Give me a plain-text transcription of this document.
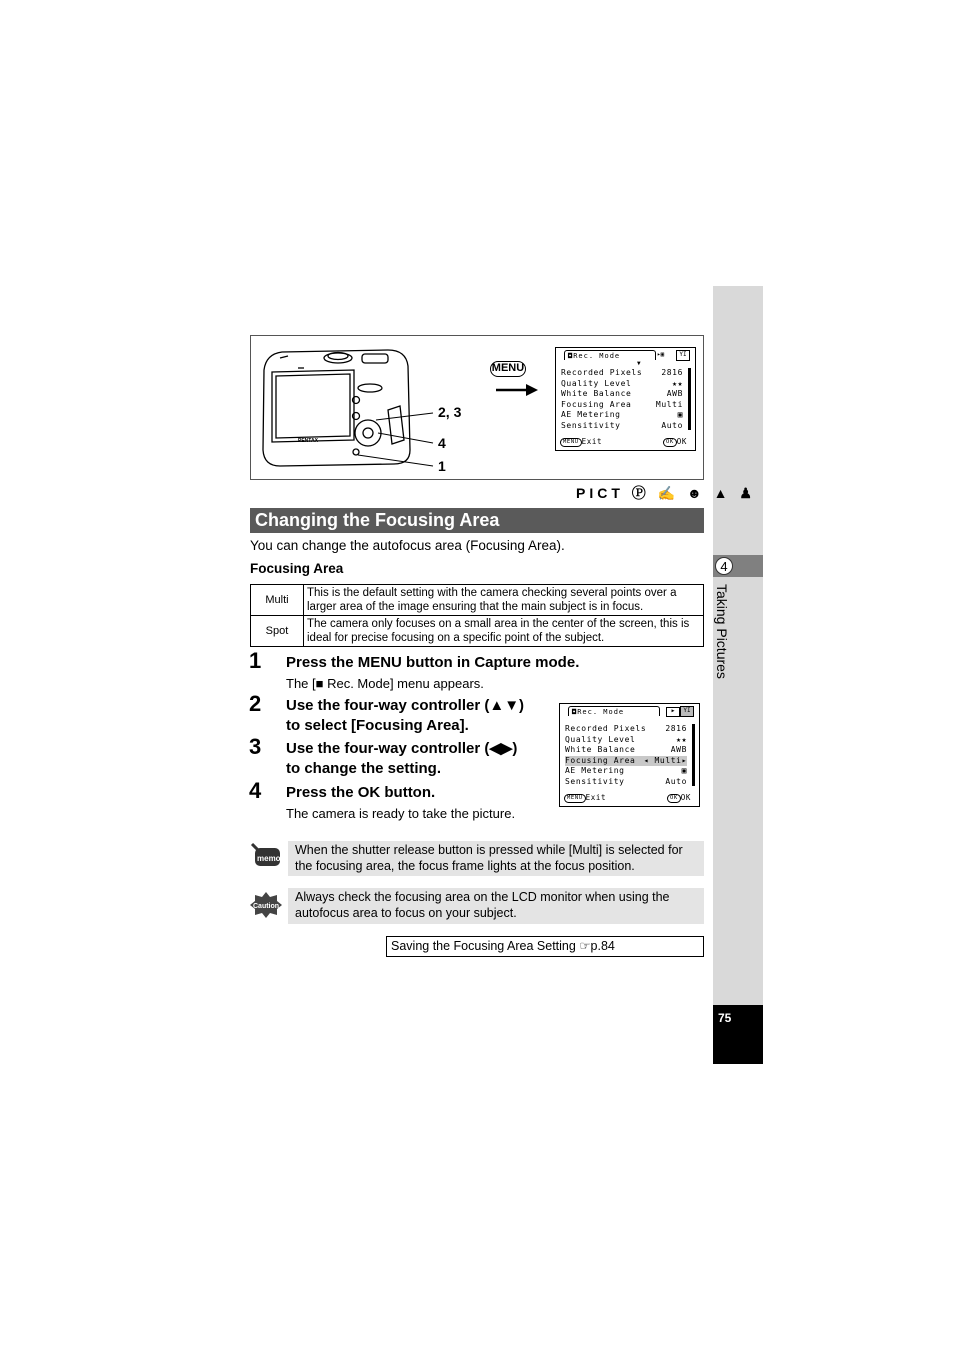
4
Taking Pictures
75
PENTAX
2, 3
4
1
MENU
◘Rec. Mode	▸▣	ΥI
▼
Recorded Pixels 2816
Quality Level	★★
White Balance	AWB
Focusing Area	Multi
AE Metering	▣
Sensitivity	Auto
MENU Exit	OK OK
PICT Ⓟ ✍ ☻ ▲ ♟
Changing the Focusing Area
You can change the autofocus area (Focusing Area).
Focusing Area
Multi	This is the default setting with the camera checking several points over a larger area of the image ensuring that the main subject is in focus.
Spot	The camera only focuses on a small area in the center of the screen, this is ideal for precise focusing on a specific point of the subject.
1 Press the MENU button in Capture mode.
The [■ Rec. Mode] menu appears.
2 Use the four-way controller (▲▼)
to select [Focusing Area].
3 Use the four-way controller (◀▶)
to change the setting.
4 Press the OK button.
The camera is ready to take the picture.
◘Rec. Mode	▶	ΥI
Recorded Pixels 2816
Quality Level	★★
White Balance	AWB
Focusing Area ◂ Multi▸
AE Metering	▣
Sensitivity	Auto
MENU Exit	OK OK
memo
When the shutter release button is pressed while [Multi] is selected for the focusing area, the focus frame lights at the focus position.
Caution
Always check the focusing area on the LCD monitor when using the autofocus area to focus on your subject.
Saving the Focusing Area Setting ☞p.84
